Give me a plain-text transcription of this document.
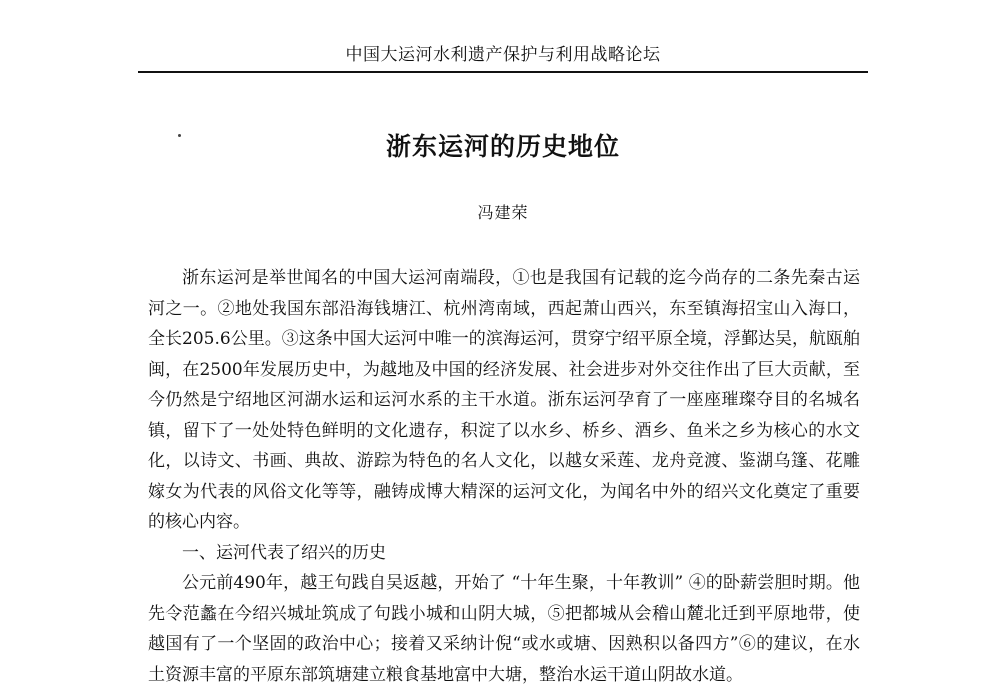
中国大运河水利遗产保护与利用战略论坛
浙东运河的历史地位
冯建荣

浙东运河是举世闻名的中国大运河南端段，①也是我国有记载的迄今尚存的二条先秦古运河之一。②地处我国东部沿海钱塘江、杭州湾南域，西起萧山西兴，东至镇海招宝山入海口，全长205.6公里。③这条中国大运河中唯一的滨海运河，贯穿宁绍平原全境，浮鄞达吴，航瓯舶闽，在2500年发展历史中，为越地及中国的经济发展、社会进步对外交往作出了巨大贡献，至今仍然是宁绍地区河湖水运和运河水系的主干水道。浙东运河孕育了一座座璀璨夺目的名城名镇，留下了一处处特色鲜明的文化遗存，积淀了以水乡、桥乡、酒乡、鱼米之乡为核心的水文化，以诗文、书画、典故、游踪为特色的名人文化，以越女采莲、龙舟竞渡、鉴湖乌篷、花雕嫁女为代表的风俗文化等等，融铸成博大精深的运河文化，为闻名中外的绍兴文化奠定了重要的核心内容。

一、运河代表了绍兴的历史

公元前490年，越王句践自吴返越，开始了 “十年生聚，十年教训” ④的卧薪尝胆时期。他先令范蠡在今绍兴城址筑成了句践小城和山阴大城，⑤把都城从会稽山麓北迁到平原地带，使越国有了一个坚固的政治中心；接着又采纳计倪“或水或塘、因熟积以备四方”⑥的建议，在水土资源丰富的平原东部筑塘建立粮食基地富中大塘，整治水运干道山阴故水道。
